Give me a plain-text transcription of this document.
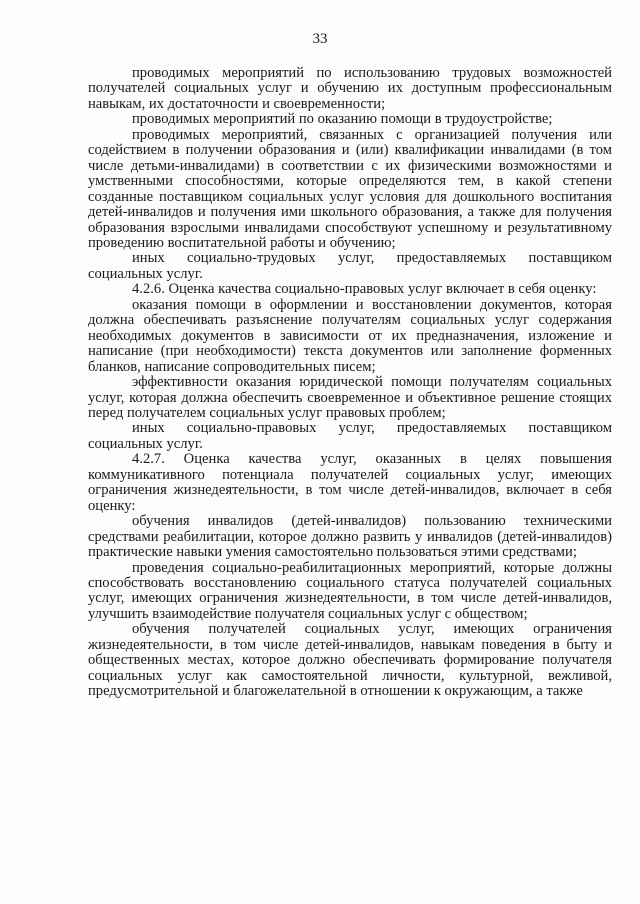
33

проводимых мероприятий по использованию трудовых возможностей получателей социальных услуг и обучению их доступным профессиональным навыкам, их достаточности и своевременности;

проводимых мероприятий по оказанию помощи в трудоустройстве;

проводимых мероприятий, связанных с организацией получения или содействием в получении образования и (или) квалификации инвалидами (в том числе детьми-инвалидами) в соответствии с их физическими возможностями и умственными способностями, которые определяются тем, в какой степени созданные поставщиком социальных услуг условия для дошкольного воспитания детей-инвалидов и получения ими школьного образования, а также для получения образования взрослыми инвалидами способствуют успешному и результативному проведению воспитательной работы и обучению;

иных социально-трудовых услуг, предоставляемых поставщиком социальных услуг.

4.2.6. Оценка качества социально-правовых услуг включает в себя оценку:

оказания помощи в оформлении и восстановлении документов, которая должна обеспечивать разъяснение получателям социальных услуг содержания необходимых документов в зависимости от их предназначения, изложение и написание (при необходимости) текста документов или заполнение форменных бланков, написание сопроводительных писем;

эффективности оказания юридической помощи получателям социальных услуг, которая должна обеспечить своевременное и объективное решение стоящих перед получателем социальных услуг правовых проблем;

иных социально-правовых услуг, предоставляемых поставщиком социальных услуг.

4.2.7. Оценка качества услуг, оказанных в целях повышения коммуникативного потенциала получателей социальных услуг, имеющих ограничения жизнедеятельности, в том числе детей-инвалидов, включает в себя оценку:

обучения инвалидов (детей-инвалидов) пользованию техническими средствами реабилитации, которое должно развить у инвалидов (детей-инвалидов) практические навыки умения самостоятельно пользоваться этими средствами;

проведения социально-реабилитационных мероприятий, которые должны способствовать восстановлению социального статуса получателей социальных услуг, имеющих ограничения жизнедеятельности, в том числе детей-инвалидов, улучшить взаимодействие получателя социальных услуг с обществом;

обучения получателей социальных услуг, имеющих ограничения жизнедеятельности, в том числе детей-инвалидов, навыкам поведения в быту и общественных местах, которое должно обеспечивать формирование получателя социальных услуг как самостоятельной личности, культурной, вежливой, предусмотрительной и благожелательной в отношении к окружающим, а также
